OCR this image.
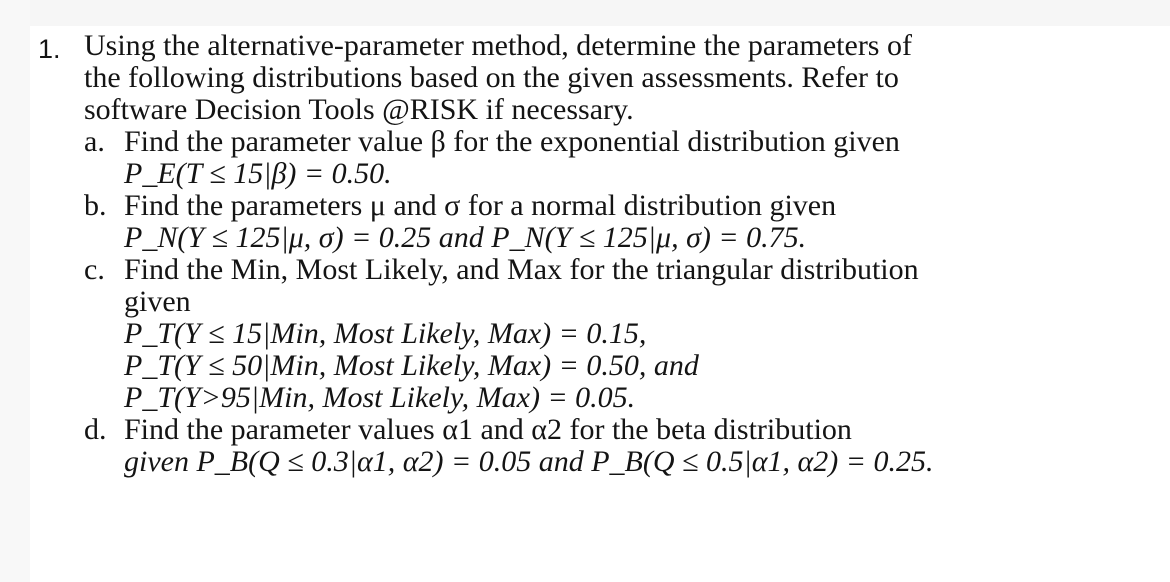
1. Using the alternative-parameter method, determine the parameters of
the following distributions based on the given assessments. Refer to
software Decision Tools @RISK if necessary.
a. Find the parameter value β for the exponential distribution given
P_E(T ≤ 15|β) = 0.50.
b. Find the parameters μ and σ for a normal distribution given
P_N(Y ≤ 125|μ, σ) = 0.25 and P_N(Y ≤ 125|μ, σ) = 0.75.
c. Find the Min, Most Likely, and Max for the triangular distribution
given
P_T(Y ≤ 15|Min, Most Likely, Max) = 0.15,
P_T(Y ≤ 50|Min, Most Likely, Max) = 0.50, and
P_T(Y>95|Min, Most Likely, Max) = 0.05.
d. Find the parameter values α1 and α2 for the beta distribution
given P_B(Q ≤ 0.3|α1, α2) = 0.05 and P_B(Q ≤ 0.5|α1, α2) = 0.25.
